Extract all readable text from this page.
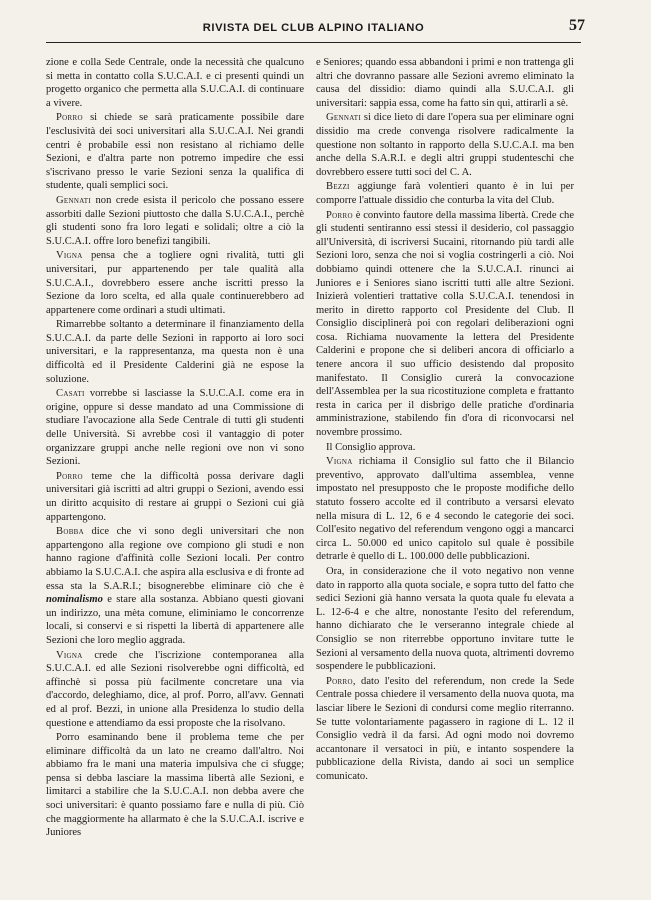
RIVISTA DEL CLUB ALPINO ITALIANO	57

zione e colla Sede Centrale, onde la necessità che qualcuno si metta in contatto colla S.U.C.A.I. e ci presenti quindi un progetto organico che permetta alla S.U.C.A.I. di continuare a vivere.

Porro si chiede se sarà praticamente possibile dare l'esclusività dei soci universitari alla S.U.C.A.I. Nei grandi centri è probabile essi non resistano al richiamo delle Sezioni, e d'altra parte non potremo impedire che essi s'iscrivano presso le varie Sezioni senza la qualifica di studente, quali semplici soci.

Gennati non crede esista il pericolo che possano essere assorbiti dalle Sezioni piuttosto che dalla S.U.C.A.I., perchè gli studenti sono fra loro legati e solidali; oltre a ciò la S.U.C.A.I. offre loro benefizi tangibili.

Vigna pensa che a togliere ogni rivalità, tutti gli universitari, pur appartenendo per tale qualità alla S.U.C.A.I., dovrebbero essere anche iscritti presso la Sezione da loro scelta, ed alla quale continuerebbero ad appartenere come ordinari a studi ultimati.

Rimarrebbe soltanto a determinare il finanziamento della S.U.C.A.I. da parte delle Sezioni in rapporto ai loro soci universitari, e la rappresentanza, ma questa non è una difficoltà ed il Presidente Calderini già ne espose la soluzione.

Casati vorrebbe si lasciasse la S.U.C.A.I. come era in origine, oppure si desse mandato ad una Commissione di studiare l'avocazione alla Sede Centrale di tutti gli studenti delle Università. Si avrebbe così il vantaggio di poter organizzare gruppi anche nelle regioni ove non vi sono Sezioni.

Porro teme che la difficoltà possa derivare dagli universitari già iscritti ad altri gruppi o Sezioni, avendo essi un diritto acquisito di restare ai gruppi o Sezioni cui già appartengono.

Bobba dice che vi sono degli universitari che non appartengono alla regione ove compiono gli studi e non hanno ragione d'affinità colle Sezioni locali. Per contro abbiamo la S.U.C.A.I. che aspira alla esclusiva e di fronte ad essa sta la S.A.R.I.; bisognerebbe eliminare ciò che è nominalismo e stare alla sostanza. Abbiano questi giovani un indirizzo, una mèta comune, eliminiamo le concorrenze locali, si conservi e si rispetti la libertà di appartenere alle Sezioni che loro meglio aggrada.

Vigna crede che l'iscrizione contemporanea alla S.U.C.A.I. ed alle Sezioni risolverebbe ogni difficoltà, ed affinchè si possa più facilmente concretare una via d'accordo, deleghiamo, dice, al prof. Porro, all'avv. Gennati ed al prof. Bezzi, in unione alla Presidenza lo studio della questione e attendiamo da essi proposte che la risolvano.

Porro esaminando bene il problema teme che per eliminare difficoltà da un lato ne creamo dall'altro. Noi abbiamo fra le mani una materia impulsiva che ci sfugge; pensa si debba lasciare la massima libertà alle Sezioni, e limitarci a stabilire che la S.U.C.A.I. non debba avere che soci universitari: è quanto possiamo fare e nulla di più. Ciò che maggiormente ha allarmato è che la S.U.C.A.I. iscrive e Juniores

e Seniores; quando essa abbandoni i primi e non trattenga gli altri che dovranno passare alle Sezioni avremo eliminato la causa del dissidio: diamo quindi alla S.U.C.A.I. gli universitari: sappia essa, come ha fatto sin qui, attirarli a sè.

Gennati si dice lieto di dare l'opera sua per eliminare ogni dissidio ma crede convenga risolvere radicalmente la questione non soltanto in rapporto della S.U.C.A.I. ma ben anche della S.A.R.I. e degli altri gruppi studenteschi che dovrebbero essere tutti soci del C. A.

Bezzi aggiunge farà volentieri quanto è in lui per comporre l'attuale dissidio che conturba la vita del Club.

Porro è convinto fautore della massima libertà. Crede che gli studenti sentiranno essi stessi il desiderio, col passaggio all'Università, di iscriversi Sucaini, ritornando più tardi alle Sezioni loro, senza che noi si voglia costringerli a ciò. Noi dobbiamo quindi ottenere che la S.U.C.A.I. rinunci ai Juniores e i Seniores siano iscritti tutti alle altre Sezioni. Inizierà volentieri trattative colla S.U.C.A.I. tenendosi in merito in diretto rapporto col Presidente del Club. Il Consiglio disciplinerà poi con regolari deliberazioni ogni cosa. Richiama nuovamente la lettera del Presidente Calderini e propone che si deliberi ancora di officiarlo a tenere ancora il suo ufficio desistendo dal proposito manifestato. Il Consiglio curerà la convocazione dell'Assemblea per la sua ricostituzione completa e frattanto resta in carica per il disbrigo delle pratiche d'ordinaria amministrazione, stabilendo fin d'ora di riconvocarsi nel novembre prossimo.

Il Consiglio approva.

Vigna richiama il Consiglio sul fatto che il Bilancio preventivo, approvato dall'ultima assemblea, venne impostato nel presupposto che le proposte modifiche dello statuto fossero accolte ed il contributo a versarsi elevato nella misura di L. 12, 6 e 4 secondo le categorie dei soci. Coll'esito negativo del referendum vengono oggi a mancarci circa L. 50.000 ed unico capitolo sul quale è possibile detrarle è quello di L. 100.000 delle pubblicazioni.

Ora, in considerazione che il voto negativo non venne dato in rapporto alla quota sociale, e sopra tutto del fatto che sedici Sezioni già hanno versata la quota quale fu elevata a L. 12-6-4 e che altre, nonostante l'esito del referendum, hanno dichiarato che le verseranno integrale chiede al Consiglio se non riterrebbe opportuno invitare tutte le Sezioni al versamento della nuova quota, altrimenti dovremo sospendere le pubblicazioni.

Porro, dato l'esito del referendum, non crede la Sede Centrale possa chiedere il versamento della nuova quota, ma lasciar libere le Sezioni di condursi come meglio riterranno. Se tutte volontariamente pagassero in ragione di L. 12 il Consiglio vedrà il da farsi. Ad ogni modo noi dovremo accantonare il versatoci in più, e intanto sospendere la pubblicazione della Rivista, dando ai soci un semplice comunicato.
